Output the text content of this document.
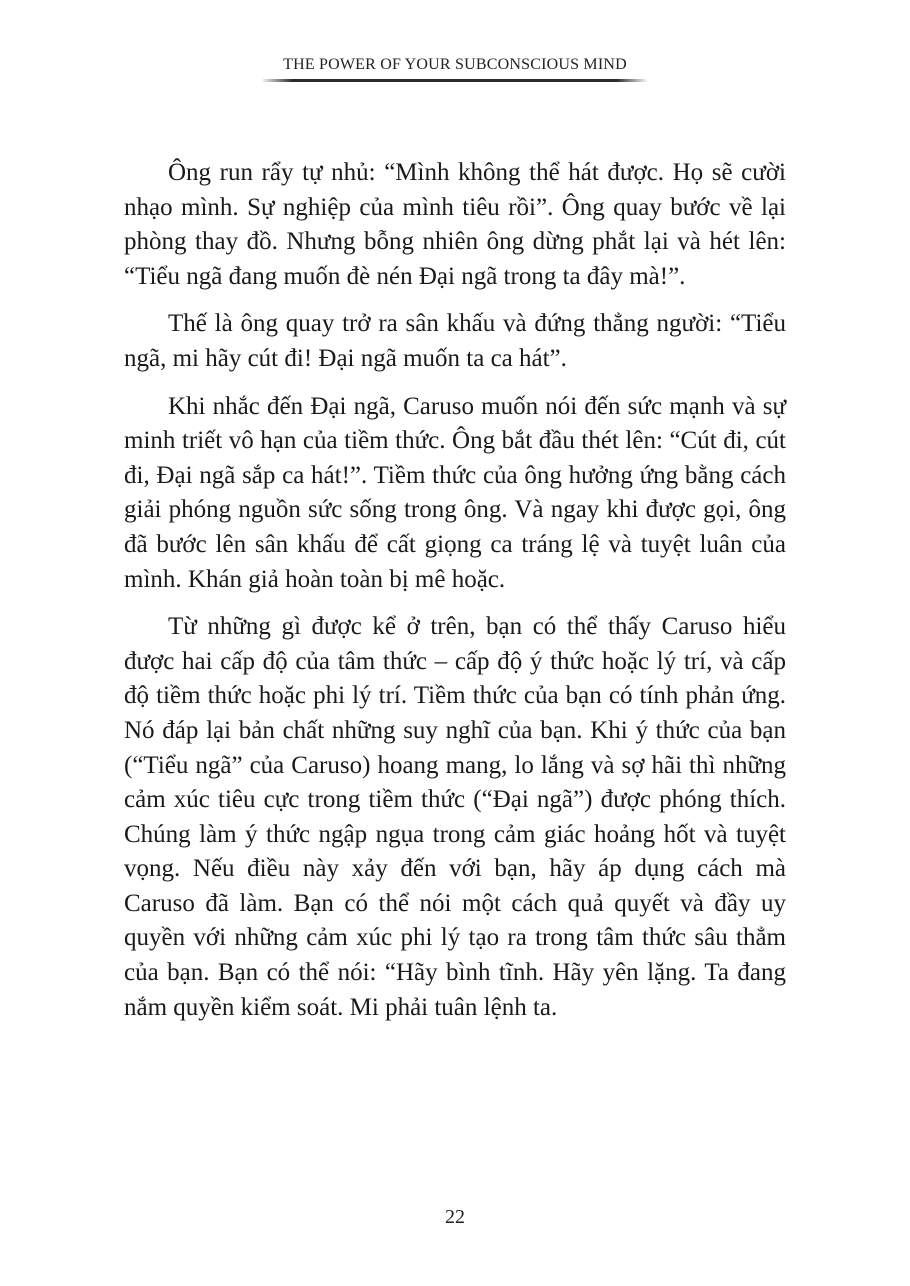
THE POWER OF YOUR SUBCONSCIOUS MIND

Ông run rẩy tự nhủ: “Mình không thể hát được. Họ sẽ cười nhạo mình. Sự nghiệp của mình tiêu rồi”. Ông quay bước về lại phòng thay đồ. Nhưng bỗng nhiên ông dừng phắt lại và hét lên: “Tiểu ngã đang muốn đè nén Đại ngã trong ta đây mà!”.

Thế là ông quay trở ra sân khấu và đứng thẳng người: “Tiểu ngã, mi hãy cút đi! Đại ngã muốn ta ca hát”.

Khi nhắc đến Đại ngã, Caruso muốn nói đến sức mạnh và sự minh triết vô hạn của tiềm thức. Ông bắt đầu thét lên: “Cút đi, cút đi, Đại ngã sắp ca hát!”. Tiềm thức của ông hưởng ứng bằng cách giải phóng nguồn sức sống trong ông. Và ngay khi được gọi, ông đã bước lên sân khấu để cất giọng ca tráng lệ và tuyệt luân của mình. Khán giả hoàn toàn bị mê hoặc.

Từ những gì được kể ở trên, bạn có thể thấy Caruso hiểu được hai cấp độ của tâm thức – cấp độ ý thức hoặc lý trí, và cấp độ tiềm thức hoặc phi lý trí. Tiềm thức của bạn có tính phản ứng. Nó đáp lại bản chất những suy nghĩ của bạn. Khi ý thức của bạn (“Tiểu ngã” của Caruso) hoang mang, lo lắng và sợ hãi thì những cảm xúc tiêu cực trong tiềm thức (“Đại ngã”) được phóng thích. Chúng làm ý thức ngập ngụa trong cảm giác hoảng hốt và tuyệt vọng. Nếu điều này xảy đến với bạn, hãy áp dụng cách mà Caruso đã làm. Bạn có thể nói một cách quả quyết và đầy uy quyền với những cảm xúc phi lý tạo ra trong tâm thức sâu thẳm của bạn. Bạn có thể nói: “Hãy bình tĩnh. Hãy yên lặng. Ta đang nắm quyền kiểm soát. Mi phải tuân lệnh ta.

22
